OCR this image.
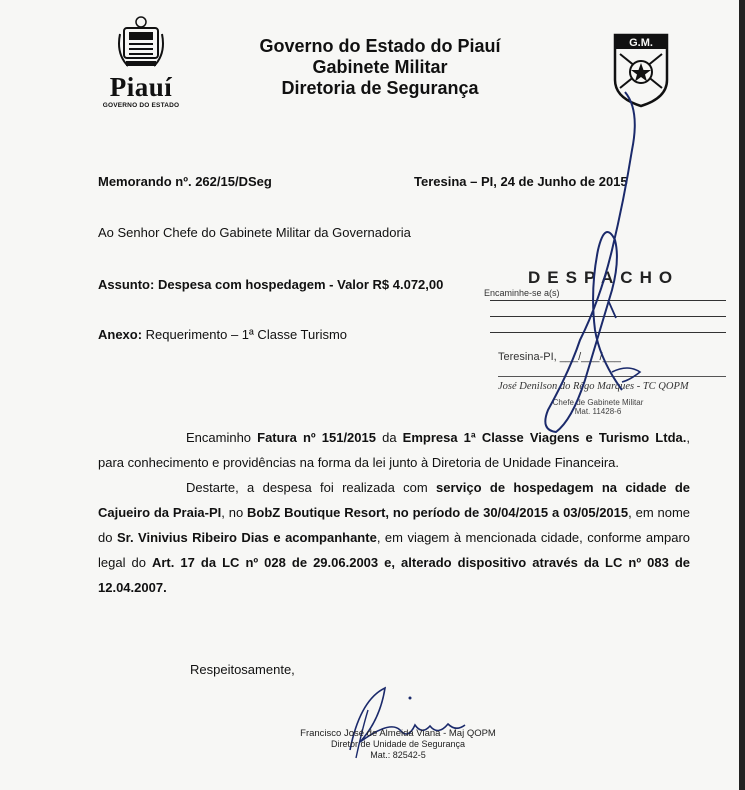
Piauí
GOVERNO DO ESTADO
Governo do Estado do Piauí
Gabinete Militar
Diretoria de Segurança
G.M.
Memorando nº. 262/15/DSeg	Teresina – PI, 24 de Junho de 2015
Ao Senhor Chefe do Gabinete Militar da Governadoria
Assunto: Despesa com hospedagem - Valor R$ 4.072,00
Anexo: Requerimento – 1ª Classe Turismo
DESPACHO
Encaminhe-se a(s)
Teresina-PI, ___/___/___
José Denilson do Rêgo Marques - TC QOPM
Chefe de Gabinete Militar
Mat. 11428-6

Encaminho Fatura nº 151/2015 da Empresa 1ª Classe Viagens e Turismo Ltda., para conhecimento e providências na forma da lei junto à Diretoria de Unidade Financeira.

Destarte, a despesa foi realizada com serviço de hospedagem na cidade de Cajueiro da Praia-PI, no BobZ Boutique Resort, no período de 30/04/2015 a 03/05/2015, em nome do Sr. Vinivius Ribeiro Dias e acompanhante, em viagem à mencionada cidade, conforme amparo legal do Art. 17 da LC nº 028 de 29.06.2003 e, alterado dispositivo através da LC nº 083 de 12.04.2007.

Respeitosamente,
Francisco José de Almeida Viana - Maj QOPM
Diretor de Unidade de Segurança
Mat.: 82542-5
